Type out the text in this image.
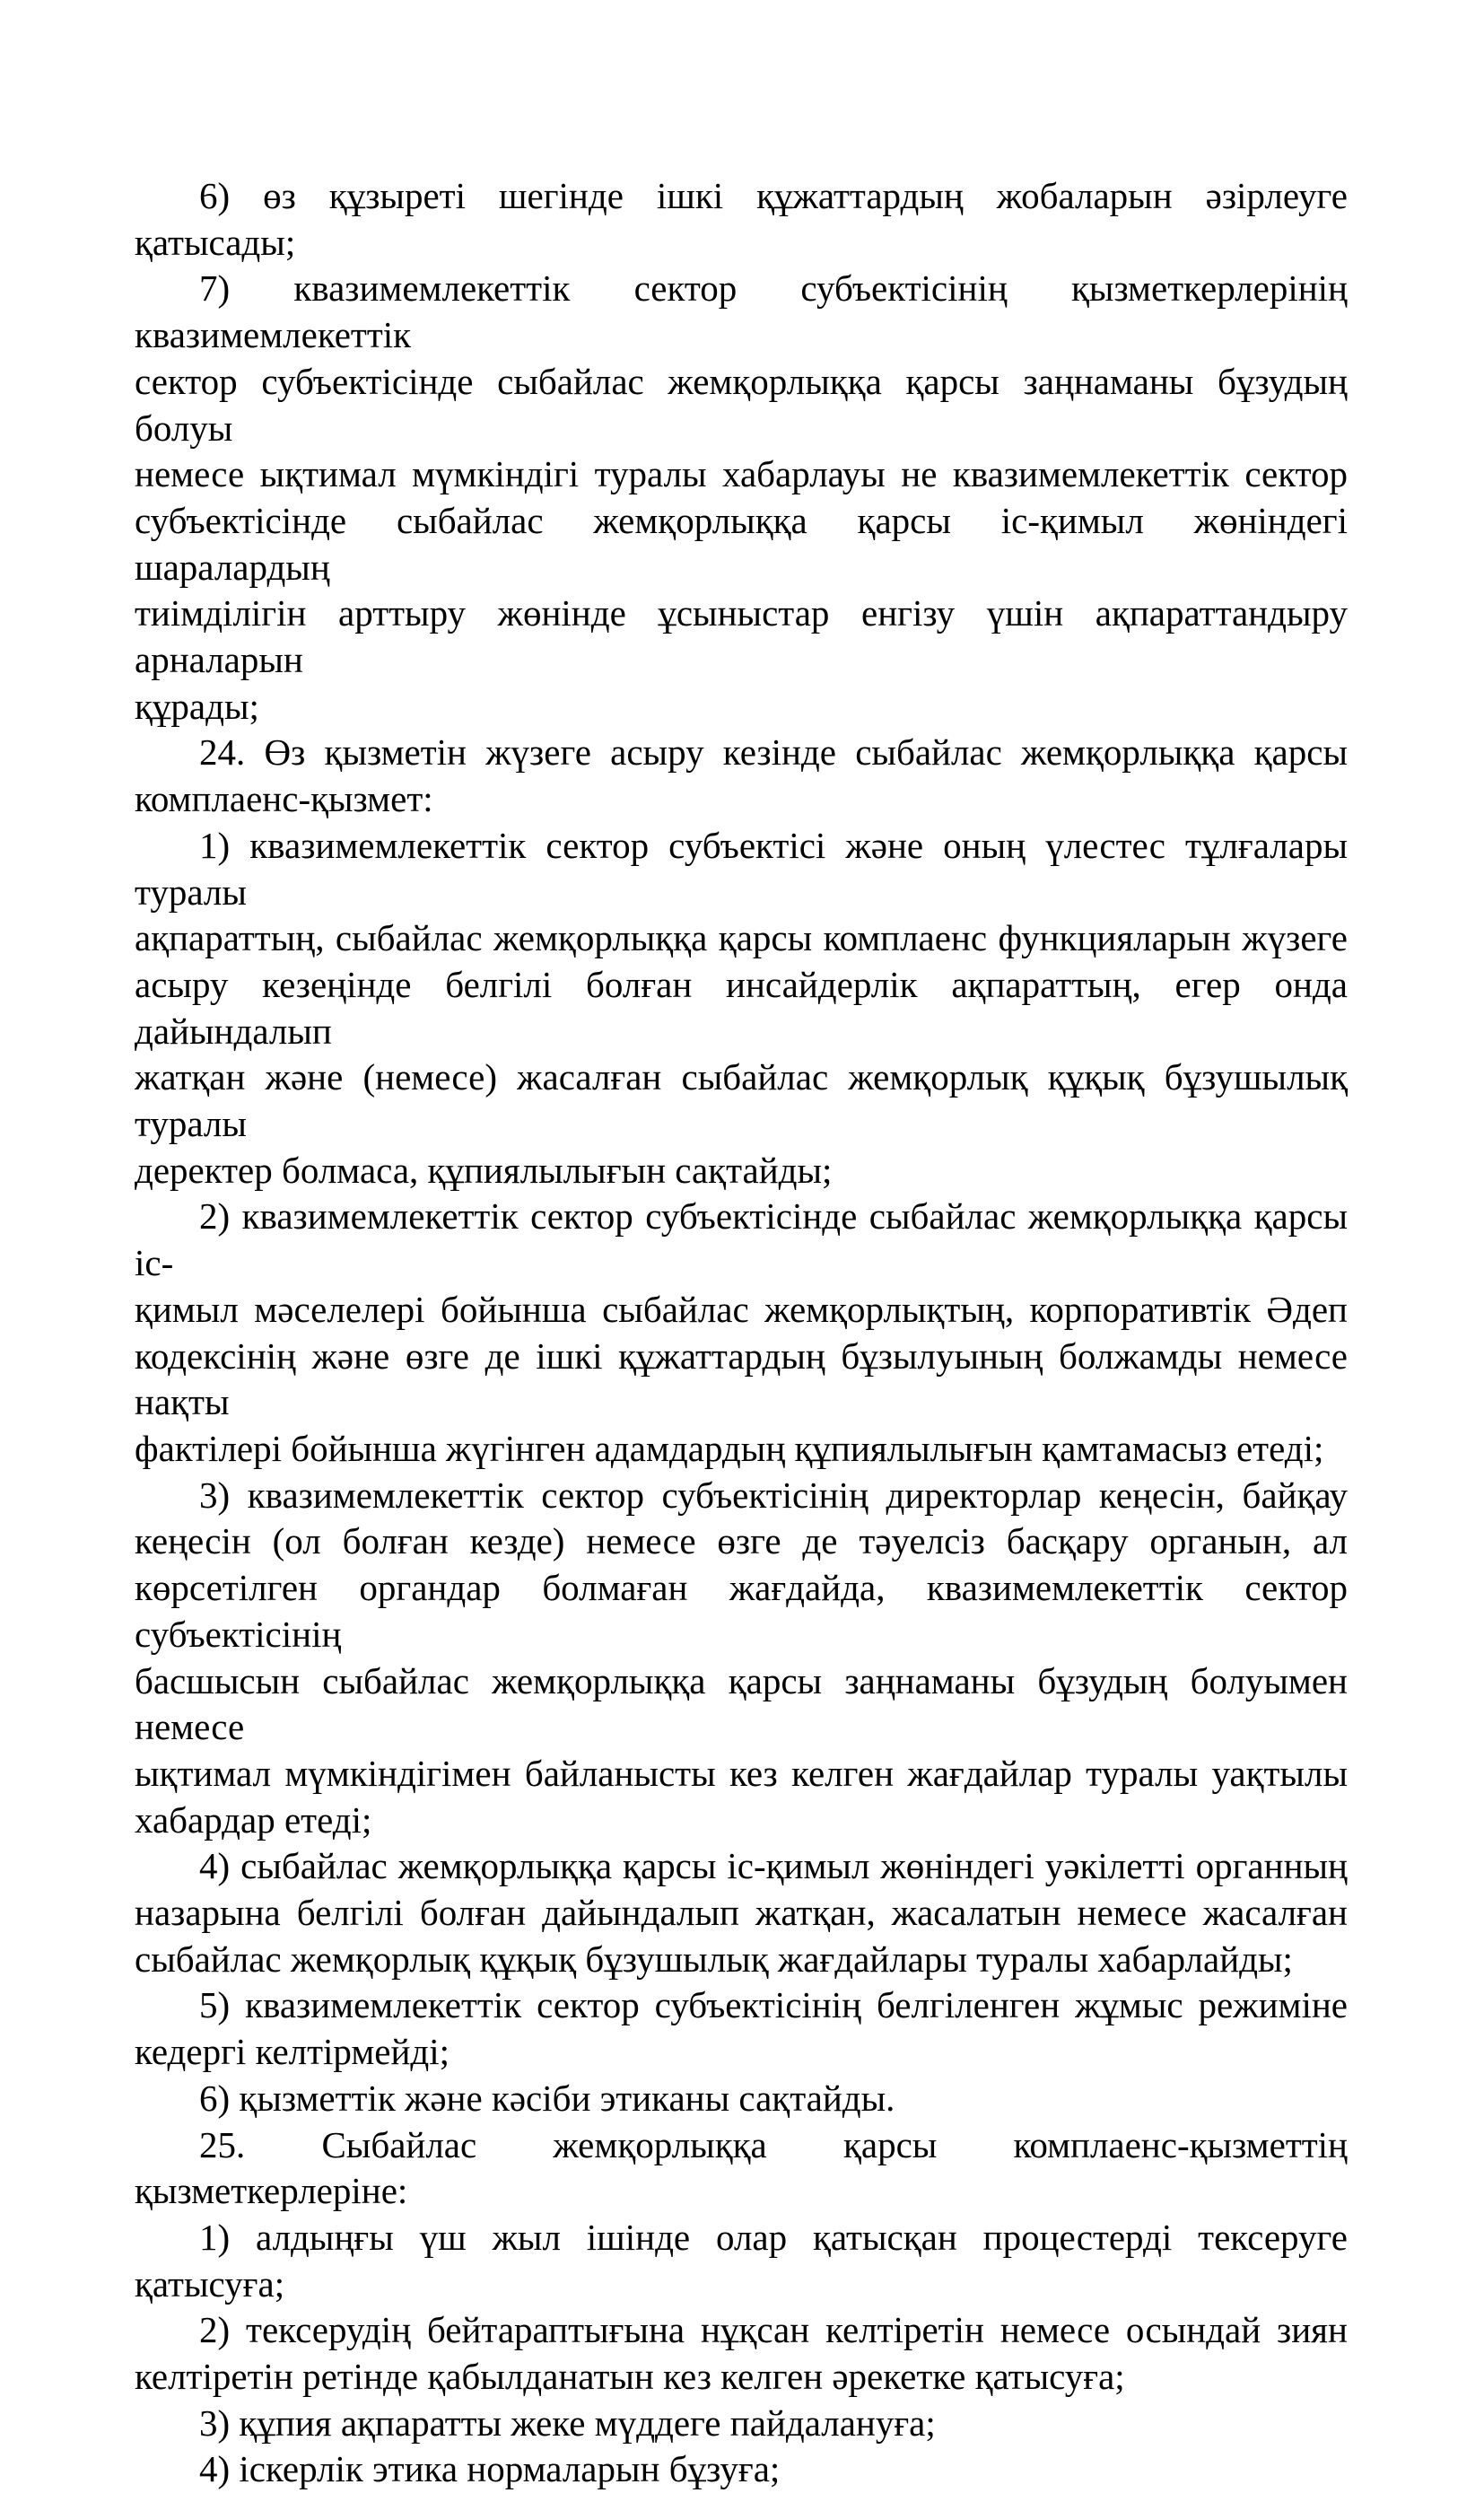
6) өз құзыреті шегінде ішкі құжаттардың жобаларын әзірлеуге қатысады;
7) квазимемлекеттік сектор субъектісінің қызметкерлерінің квазимемлекеттік
сектор субъектісінде сыбайлас жемқорлыққа қарсы заңнаманы бұзудың болуы
немесе ықтимал мүмкіндігі туралы хабарлауы не квазимемлекеттік сектор
субъектісінде сыбайлас жемқорлыққа қарсы іс-қимыл жөніндегі шаралардың
тиімділігін арттыру жөнінде ұсыныстар енгізу үшін ақпараттандыру арналарын
құрады;
24. Өз қызметін жүзеге асыру кезінде сыбайлас жемқорлыққа қарсы
комплаенс-қызмет:
1) квазимемлекеттік сектор субъектісі және оның үлестес тұлғалары туралы
ақпараттың, сыбайлас жемқорлыққа қарсы комплаенс функцияларын жүзеге
асыру кезеңінде белгілі болған инсайдерлік ақпараттың, егер онда дайындалып
жатқан және (немесе) жасалған сыбайлас жемқорлық құқық бұзушылық туралы
деректер болмаса, құпиялылығын сақтайды;
2) квазимемлекеттік сектор субъектісінде сыбайлас жемқорлыққа қарсы іс-
қимыл мәселелері бойынша сыбайлас жемқорлықтың, корпоративтік Әдеп
кодексінің және өзге де ішкі құжаттардың бұзылуының болжамды немесе нақты
фактілері бойынша жүгінген адамдардың құпиялылығын қамтамасыз етеді;
3) квазимемлекеттік сектор субъектісінің директорлар кеңесін, байқау
кеңесін (ол болған кезде) немесе өзге де тәуелсіз басқару органын, ал
көрсетілген органдар болмаған жағдайда, квазимемлекеттік сектор субъектісінің
басшысын сыбайлас жемқорлыққа қарсы заңнаманы бұзудың болуымен немесе
ықтимал мүмкіндігімен байланысты кез келген жағдайлар туралы уақтылы
хабардар етеді;
4) сыбайлас жемқорлыққа қарсы іс-қимыл жөніндегі уәкілетті органның
назарына белгілі болған дайындалып жатқан, жасалатын немесе жасалған
сыбайлас жемқорлық құқық бұзушылық жағдайлары туралы хабарлайды;
5) квазимемлекеттік сектор субъектісінің белгіленген жұмыс режиміне
кедергі келтірмейді;
6) қызметтік және кәсіби этиканы сақтайды.
25. Сыбайлас жемқорлыққа қарсы комплаенс-қызметтің қызметкерлеріне:
1) алдыңғы үш жыл ішінде олар қатысқан процестерді тексеруге қатысуға;
2) тексерудің бейтараптығына нұқсан келтіретін немесе осындай зиян
келтіретін ретінде қабылданатын кез келген әрекетке қатысуға;
3) құпия ақпаратты жеке мүддеге пайдалануға;
4) іскерлік этика нормаларын бұзуға;
